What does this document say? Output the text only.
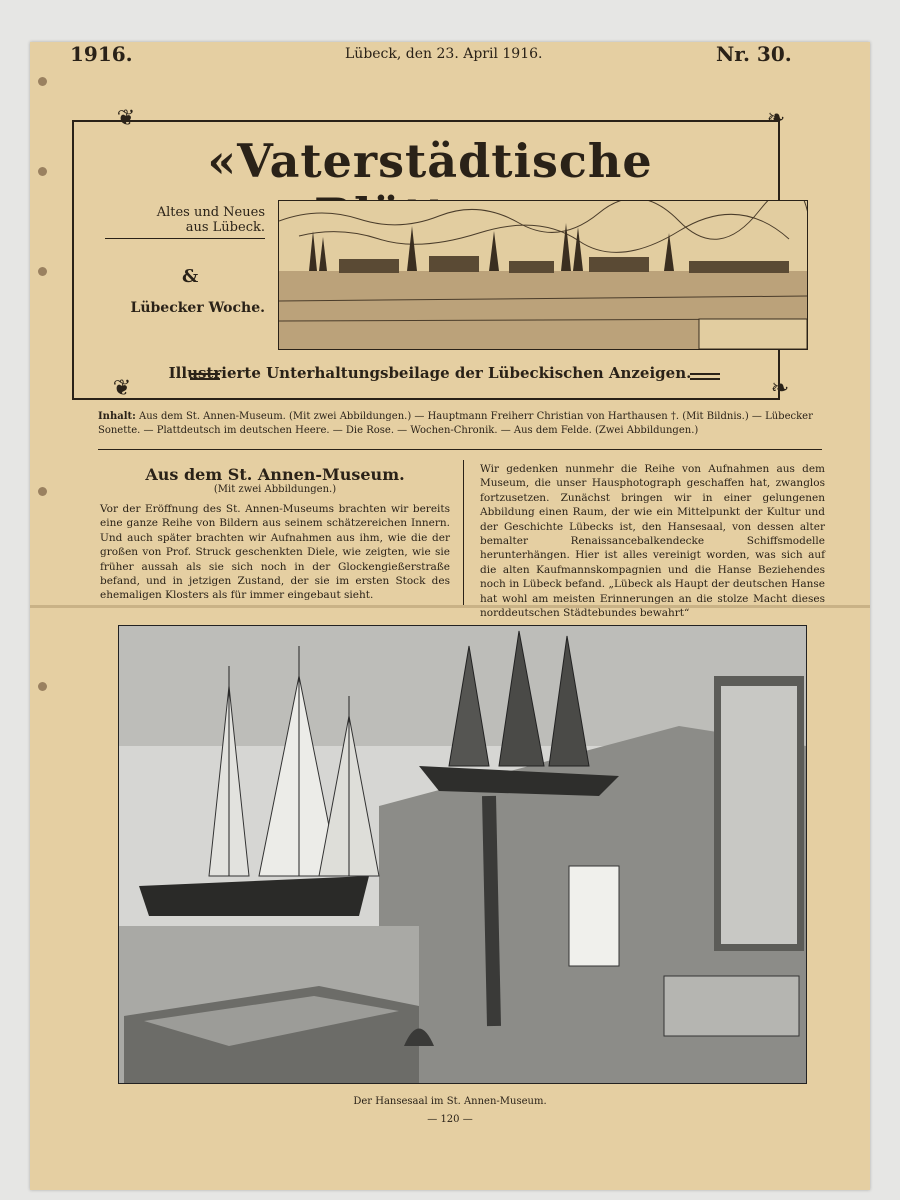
1916.	Lübeck, den 23. April 1916.	Nr. 30.
❦	❧
❦	❧
«Vaterstädtische
Altes und Neues
aus Lübeck.
&
Lübecker Woche.
Illustrierte Unterhaltungsbeilage der Lübeckischen Anzeigen.
Inhalt: Aus dem St. Annen-Museum. (Mit zwei Abbildungen.) — Hauptmann Freiherr Christian von Harthausen †. (Mit Bildnis.) — Lübecker Sonette. — Plattdeutsch im deutschen Heere. — Die Rose. — Wochen-Chronik. — Aus dem Felde. (Zwei Abbildungen.)
Aus dem St. Annen-Museum.
(Mit zwei Abbildungen.)
Vor der Eröffnung des St. Annen-Museums brachten wir bereits eine ganze Reihe von Bildern aus seinem schätzereichen Innern. Und auch später brachten wir Aufnahmen aus ihm, wie die der großen von Prof. Struck geschenkten Diele, wie zeigten, wie sie früher aussah als sie sich noch in der Glockengießerstraße befand, und in jetzigen Zustand, der sie im ersten Stock des ehemaligen Klosters als für immer eingebaut sieht.
Wir gedenken nunmehr die Reihe von Aufnahmen aus dem Museum, die unser Hausphotograph geschaffen hat, zwanglos fortzusetzen. Zunächst bringen wir in einer gelungenen Abbildung einen Raum, der wie ein Mittelpunkt der Kultur und der Geschichte Lübecks ist, den Hansesaal, von dessen alter bemalter Renaissancebalkendecke Schiffsmodelle herunterhängen. Hier ist alles vereinigt worden, was sich auf die alten Kaufmannskompagnien und die Hanse Beziehendes noch in Lübeck befand. „Lübeck als Haupt der deutschen Hanse hat wohl am meisten Erinnerungen an die stolze Macht dieses norddeutschen Städtebundes bewahrt“
Der Hansesaal im St. Annen-Museum.
— 120 —
